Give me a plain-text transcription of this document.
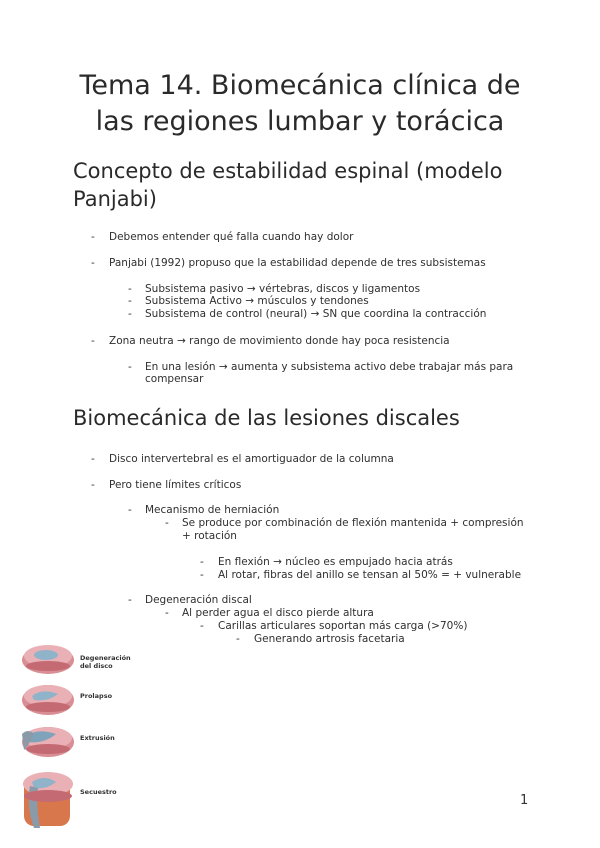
Tema 14. Biomecánica clínica de
las regiones lumbar y torácica
Concepto de estabilidad espinal (modelo
Panjabi)
- Debemos entender qué falla cuando hay dolor
- Panjabi (1992) propuso que la estabilidad depende de tres subsistemas
- Subsistema pasivo → vértebras, discos y ligamentos
- Subsistema Activo → músculos y tendones
- Subsistema de control (neural) → SN que coordina la contracción
- Zona neutra → rango de movimiento donde hay poca resistencia
- En una lesión → aumenta y subsistema activo debe trabajar más para
compensar
Biomecánica de las lesiones discales
- Disco intervertebral es el amortiguador de la columna
- Pero tiene límites críticos
- Mecanismo de herniación
- Se produce por combinación de flexión mantenida + compresión
+ rotación
- En flexión → núcleo es empujado hacia atrás
- Al rotar, fibras del anillo se tensan al 50% = + vulnerable
- Degeneración discal
- Al perder agua el disco pierde altura
- Carillas articulares soportan más carga (>70%)
- Generando artrosis facetaria
Degeneración del disco
Prolapso
Extrusión
Secuestro
1
